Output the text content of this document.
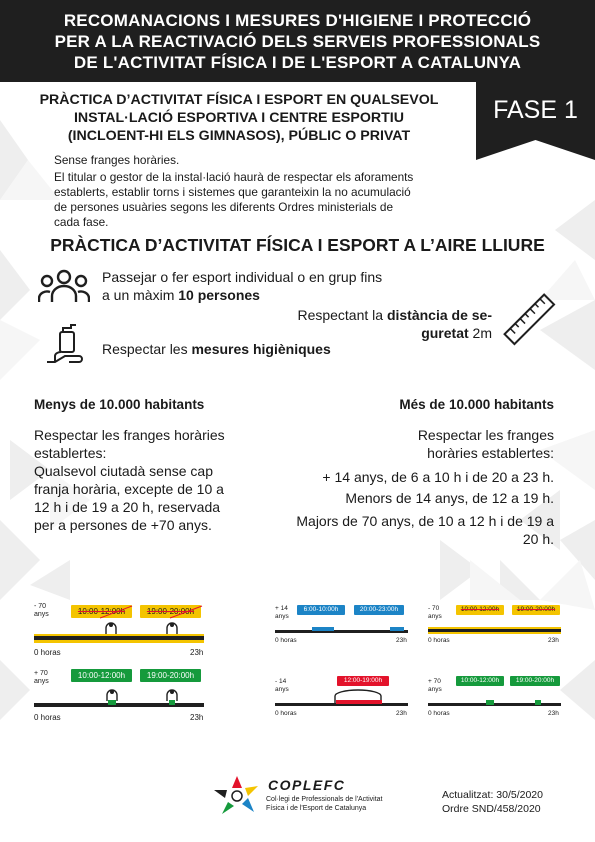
RECOMANACIONS I MESURES D'HIGIENE I PROTECCIÓ
PER A LA REACTIVACIÓ DELS SERVEIS PROFESSIONALS
DE L'ACTIVITAT FÍSICA I DE L'ESPORT A CATALUNYA
FASE 1
PRÀCTICA D’ACTIVITAT FÍSICA I ESPORT EN QUALSEVOL
INSTAL·LACIÓ ESPORTIVA I CENTRE ESPORTIU
(INCLOENT-HI ELS GIMNASOS), PÚBLIC O PRIVAT
Sense franges horàries.
El titular o gestor de la instal·lació haurà de respectar els aforaments
establerts, establir torns i sistemes que garanteixin la no acumulació
de persones usuàries segons les diferents Ordres ministerials de
cada fase.
PRÀCTICA D’ACTIVITAT FÍSICA I ESPORT A L’AIRE LLIURE
Passejar o fer esport individual o en grup fins
a un màxim 10 persones
Respectant la distància de se-
guretat 2m
Respectar les mesures higièniques
Menys de 10.000 habitants
Respectar les franges horàries
establertes:
Qualsevol ciutadà sense cap
franja horària, excepte de 10 a
12 h i de 19 a 20 h, reservada
per a persones de +70 anys.
Més de 10.000 habitants
Respectar les franges
horàries establertes:
+ 14 anys, de 6 a 10 h i de 20 a 23 h.
Menors de 14 anys, de 12 a 19 h.
Majors de 70 anys, de 10 a 12 h i de 19 a
20 h.
- 70
anys	10:00-12:00h	19:00-20:00h
0 horas	23h
+ 70
anys
10:00-12:00h	19:00-20:00h
0 horas	23h
+ 14
anys
6:00-10:00h	20:00-23:00h
0 horas	23h
- 70
anys
10:00-12:00h	19:00-20:00h
0 horas	23h
- 14
anys
12:00-19:00h
0 horas	23h
+ 70
anys
10:00-12:00h	19:00-20:00h
0 horas	23h
COPLEFC
Col·legi de Professionals de l'Activitat
Física i de l'Esport de Catalunya
Actualitzat: 30/5/2020
Ordre SND/458/2020
